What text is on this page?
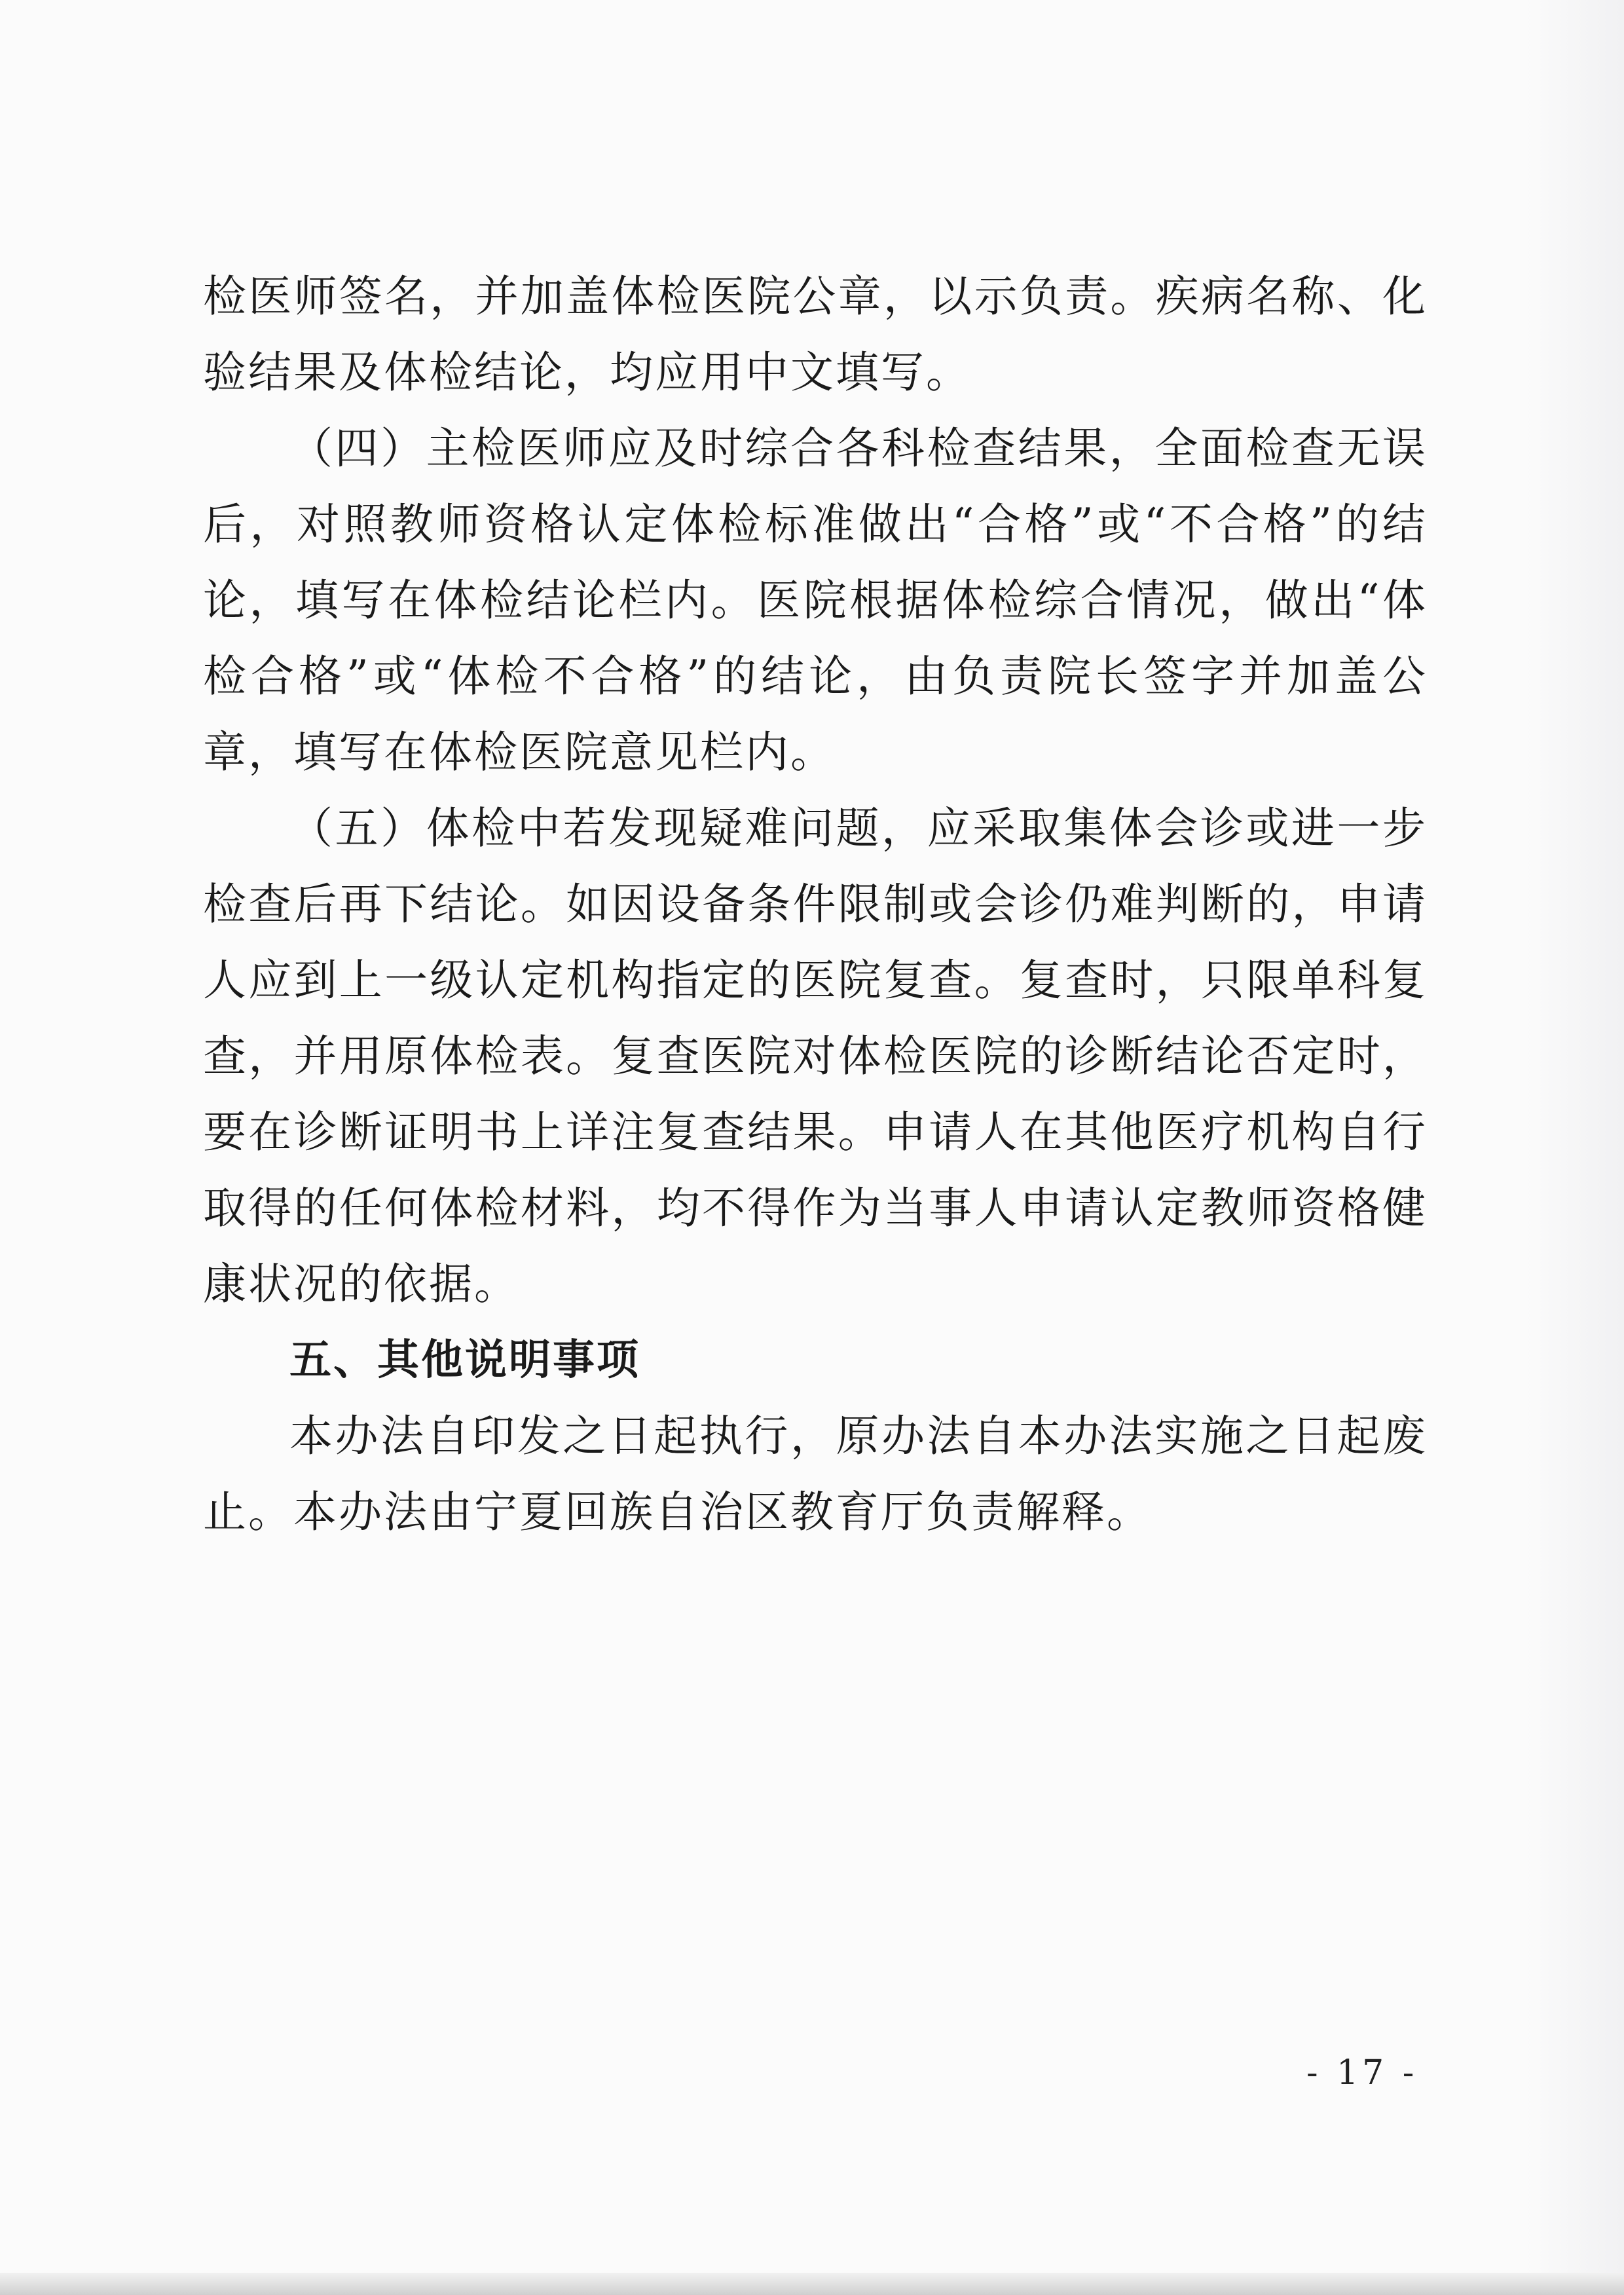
检医师签名，并加盖体检医院公章，以示负责。疾病名称、化验结果及体检结论，均应用中文填写。

（四）主检医师应及时综合各科检查结果，全面检查无误后，对照教师资格认定体检标准做出“合格”或“不合格”的结论，填写在体检结论栏内。医院根据体检综合情况，做出“体检合格”或“体检不合格”的结论，由负责院长签字并加盖公章，填写在体检医院意见栏内。

（五）体检中若发现疑难问题，应采取集体会诊或进一步检查后再下结论。如因设备条件限制或会诊仍难判断的，申请人应到上一级认定机构指定的医院复查。复查时，只限单科复查，并用原体检表。复查医院对体检医院的诊断结论否定时，要在诊断证明书上详注复查结果。申请人在其他医疗机构自行取得的任何体检材料，均不得作为当事人申请认定教师资格健康状况的依据。

五、其他说明事项

本办法自印发之日起执行，原办法自本办法实施之日起废止。本办法由宁夏回族自治区教育厅负责解释。

- 17 -
